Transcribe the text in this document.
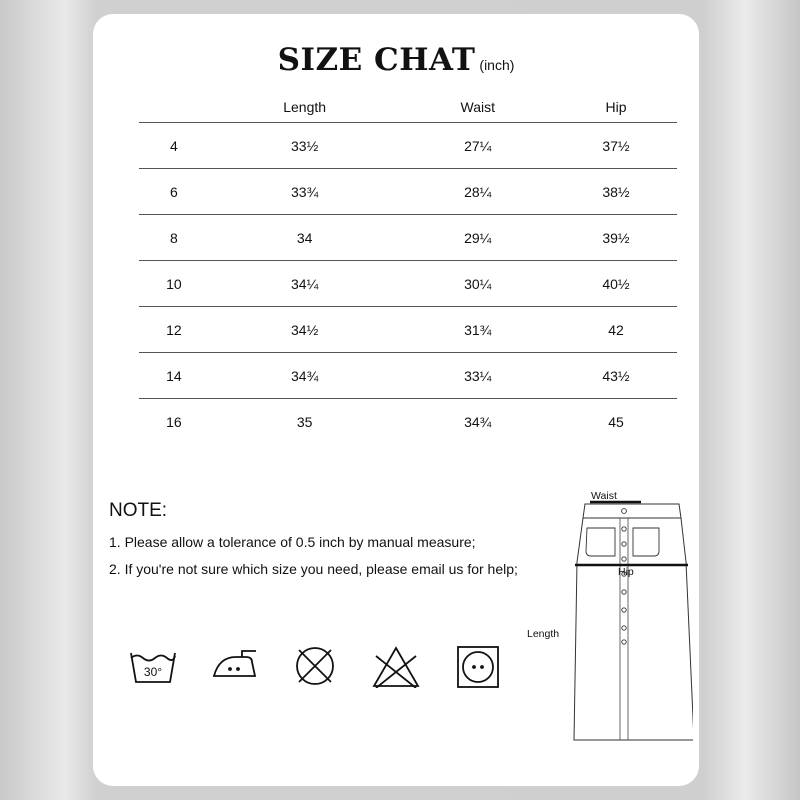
SIZE CHAT (inch)
	Length	Waist	Hip
4	33½	27¼	37½
6	33¾	28¼	38½
8	34	29¼	39½
10	34¼	30¼	40½
12	34½	31¾	42
14	34¾	33¼	43½
16	35	34¾	45
NOTE:
1. Please allow a tolerance of 0.5 inch by manual measure;
2. If you're not sure which size you need, please email us for help;
30°
Waist
Hip
Length
